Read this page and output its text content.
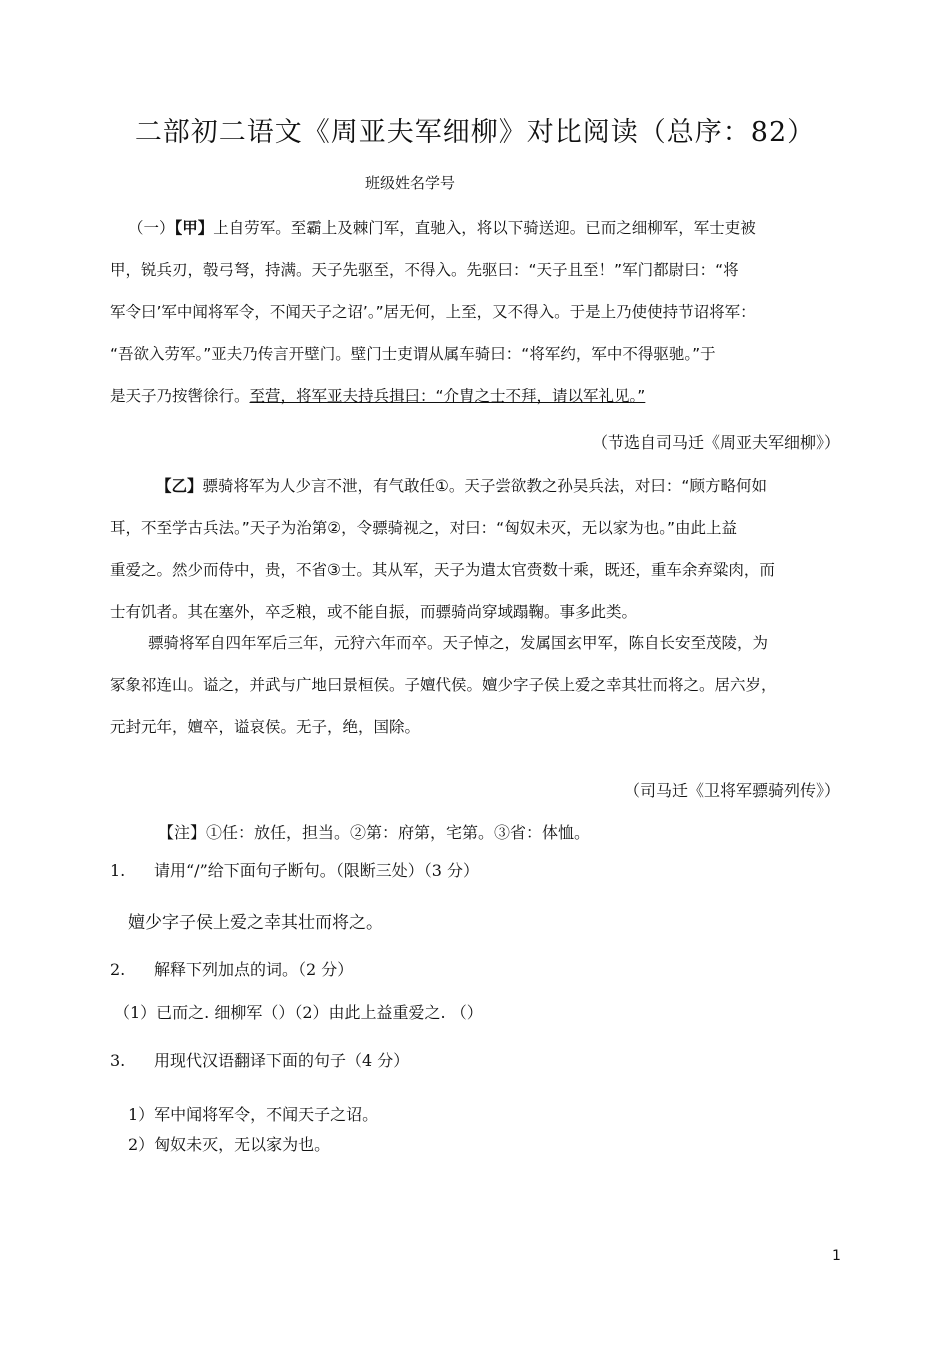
二部初二语文《周亚夫军细柳》对比阅读（总序：82）
班级姓名学号
（一）【甲】上自劳军。至霸上及棘门军，直驰入，将以下骑送迎。已而之细柳军，军士吏被
甲，锐兵刃，彀弓弩，持满。天子先驱至，不得入。先驱曰：“天子且至！”军门都尉曰：“将
军令曰’军中闻将军令，不闻天子之诏’。”居无何，上至，又不得入。于是上乃使使持节诏将军：
“吾欲入劳军。”亚夫乃传言开壁门。壁门士吏谓从属车骑曰：“将军约，军中不得驱驰。”于
是天子乃按辔徐行。至营，将军亚夫持兵揖曰：“介胄之士不拜，请以军礼见。”
（节选自司马迁《周亚夫军细柳》）
【乙】骠骑将军为人少言不泄，有气敢任①。天子尝欲教之孙吴兵法，对曰：“顾方略何如
耳，不至学古兵法。”天子为治第②，令骠骑视之，对曰：“匈奴未灭，无以家为也。”由此上益
重爱之。然少而侍中，贵，不省③士。其从军，天子为遣太官赍数十乘，既还，重车余弃粱肉，而
士有饥者。其在塞外，卒乏粮，或不能自振，而骠骑尚穿域蹋鞠。事多此类。
骠骑将军自四年军后三年，元狩六年而卒。天子悼之，发属国玄甲军，陈自长安至茂陵，为
冢象祁连山。谥之，并武与广地曰景桓侯。子嬗代侯。嬗少字子侯上爱之幸其壮而将之。居六岁，
元封元年，嬗卒，谥哀侯。无子，绝，国除。
（司马迁《卫将军骠骑列传》）
【注】①任：放任，担当。②第：府第，宅第。③省：体恤。
1. 请用“/”给下面句子断句。（限断三处）（3 分）
嬗少字子侯上爱之幸其壮而将之。
2. 解释下列加点的词。（2 分）
（1）已而之. 细柳军（）（2）由此上益重爱之. （）
3. 用现代汉语翻译下面的句子（4 分）
1）军中闻将军令，不闻天子之诏。
2）匈奴未灭，无以家为也。
1
